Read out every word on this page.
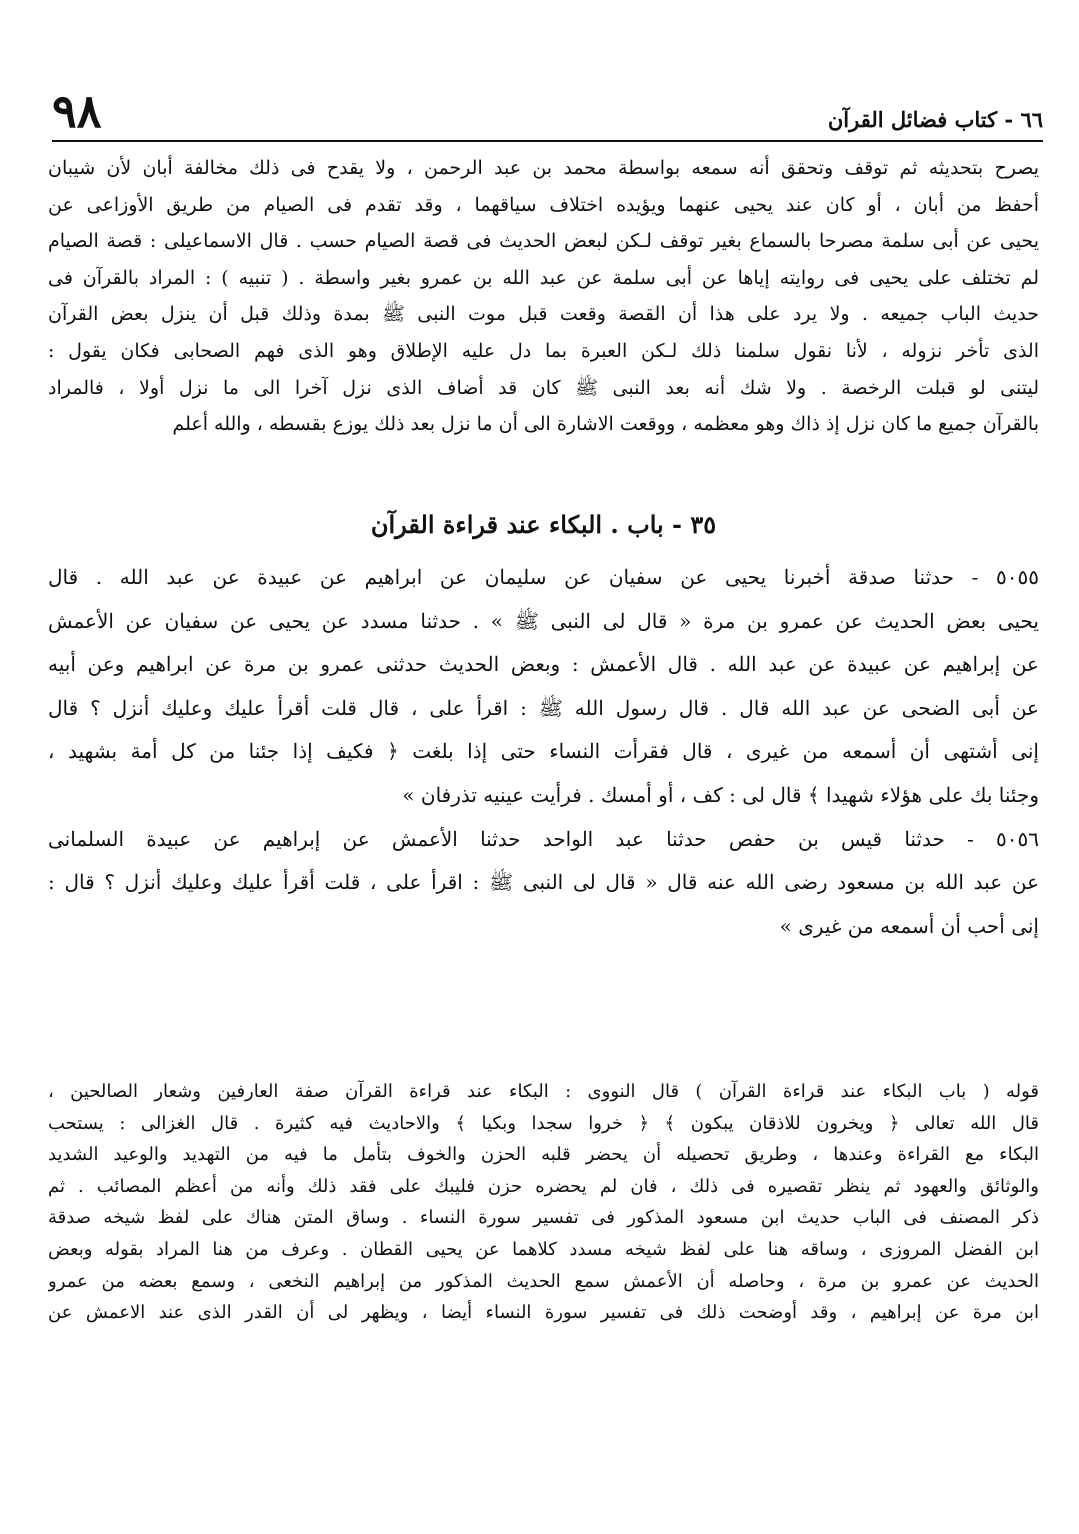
٩٨	٦٦ - كتاب فضائل القرآن
يصرح بتحديثه ثم توقف وتحقق أنه سمعه بواسطة محمد بن عبد الرحمن ، ولا يقدح فى ذلك مخالفة أبان لأن شيبان
أحفظ من أبان ، أو كان عند يحيى عنهما ويؤيده اختلاف سياقهما ، وقد تقدم فى الصيام من طريق الأوزاعى عن
يحيى عن أبى سلمة مصرحا بالسماع بغير توقف لـكن لبعض الحديث فى قصة الصيام حسب . قال الاسماعيلى : قصة الصيام
لم تختلف على يحيى فى روايته إياها عن أبى سلمة عن عبد الله بن عمرو بغير واسطة . ( تنبيه ) : المراد بالقرآن فى
حديث الباب جميعه . ولا يرد على هذا أن القصة وقعت قبل موت النبى ﷺ بمدة وذلك قبل أن ينزل بعض القرآن
الذى تأخر نزوله ، لأنا نقول سلمنا ذلك لـكن العبرة بما دل عليه الإطلاق وهو الذى فهم الصحابى فكان يقول :
ليتنى لو قبلت الرخصة . ولا شك أنه بعد النبى ﷺ كان قد أضاف الذى نزل آخرا الى ما نزل أولا ، فالمراد
بالقرآن جميع ما كان نزل إذ ذاك وهو معظمه ، ووقعت الاشارة الى أن ما نزل بعد ذلك يوزع بقسطه ، والله أعلم
٣٥ - باب . البكاء عند قراءة القرآن
٥٠٥٥ - حدثنا صدقة أخبرنا يحيى عن سفيان عن سليمان عن ابراهيم عن عبيدة عن عبد الله . قال
يحيى بعض الحديث عن عمرو بن مرة « قال لى النبى ﷺ » . حدثنا مسدد عن يحيى عن سفيان عن الأعمش
عن إبراهيم عن عبيدة عن عبد الله . قال الأعمش : وبعض الحديث حدثنى عمرو بن مرة عن ابراهيم وعن أبيه
عن أبى الضحى عن عبد الله قال . قال رسول الله ﷺ : اقرأ على ، قال قلت أقرأ عليك وعليك أنزل ؟ قال
إنى أشتهى أن أسمعه من غيرى ، قال فقرأت النساء حتى إذا بلغت ﴿ فكيف إذا جئنا من كل أمة بشهيد ،
وجئنا بك على هؤلاء شهيدا ﴾ قال لى : كف ، أو أمسك . فرأيت عينيه تذرفان »
٥٠٥٦ - حدثنا قيس بن حفص حدثنا عبد الواحد حدثنا الأعمش عن إبراهيم عن عبيدة السلمانى
عن عبد الله بن مسعود رضى الله عنه قال « قال لى النبى ﷺ : اقرأ على ، قلت أقرأ عليك وعليك أنزل ؟ قال :
إنى أحب أن أسمعه من غيرى »
قوله ( باب البكاء عند قراءة القرآن ) قال النووى : البكاء عند قراءة القرآن صفة العارفين وشعار الصالحين ،
قال الله تعالى ﴿ ويخرون للاذقان يبكون ﴾ ﴿ خروا سجدا وبكيا ﴾ والاحاديث فيه كثيرة . قال الغزالى : يستحب
البكاء مع القراءة وعندها ، وطريق تحصيله أن يحضر قلبه الحزن والخوف بتأمل ما فيه من التهديد والوعيد الشديد
والوثائق والعهود ثم ينظر تقصيره فى ذلك ، فان لم يحضره حزن فليبك على فقد ذلك وأنه من أعظم المصائب . ثم
ذكر المصنف فى الباب حديث ابن مسعود المذكور فى تفسير سورة النساء . وساق المتن هناك على لفظ شيخه صدقة
ابن الفضل المروزى ، وساقه هنا على لفظ شيخه مسدد كلاهما عن يحيى القطان . وعرف من هنا المراد بقوله وبعض
الحديث عن عمرو بن مرة ، وحاصله أن الأعمش سمع الحديث المذكور من إبراهيم النخعى ، وسمع بعضه من عمرو
ابن مرة عن إبراهيم ، وقد أوضحت ذلك فى تفسير سورة النساء أيضا ، ويظهر لى أن القدر الذى عند الاعمش عن
